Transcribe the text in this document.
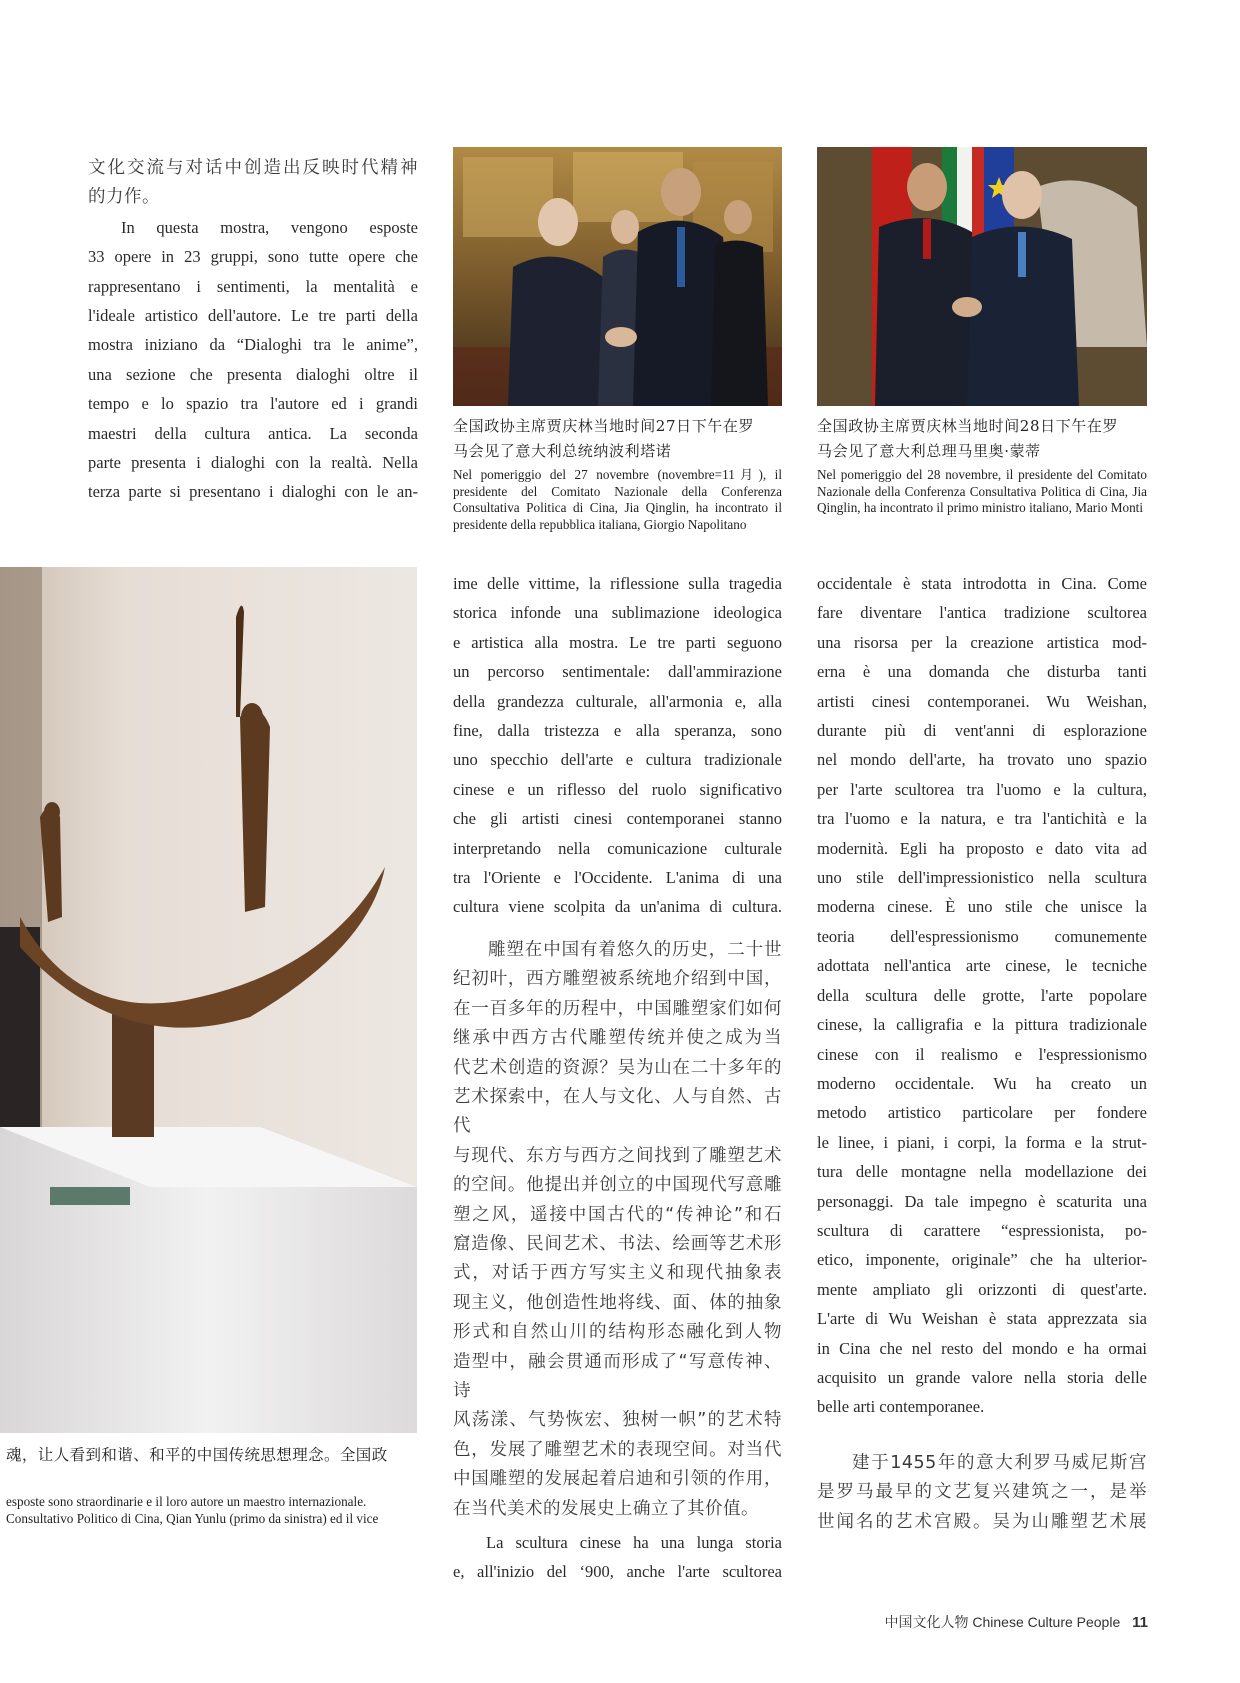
文化交流与对话中创造出反映时代精神

的力作。

In questa mostra, vengono esposte

33 opere in 23 gruppi, sono tutte opere che

rappresentano i sentimenti, la mentalità e

l'ideale artistico dell'autore. Le tre parti della

mostra iniziano da “Dialoghi tra le anime”,

una sezione che presenta dialoghi oltre il

tempo e lo spazio tra l'autore ed i grandi

maestri della cultura antica. La seconda

parte presenta i dialoghi con la realtà. Nella

terza parte si presentano i dialoghi con le an-

全国政协主席贾庆林当地时间27日下午在罗
马会见了意大利总统纳波利塔诺

Nel pomeriggio del 27 novembre (novembre=11月), il presidente del Comitato Nazionale della Conferenza Consultativa Politica di Cina, Jia Qinglin, ha incontrato il presidente della repubblica italiana, Giorgio Napolitano

全国政协主席贾庆林当地时间28日下午在罗
马会见了意大利总理马里奥·蒙蒂

Nel pomeriggio del 28 novembre, il presidente del Comitato Nazionale della Conferenza Consultativa Politica di Cina, Jia Qinglin, ha incontrato il primo ministro italiano, Mario Monti

魂，让人看到和谐、和平的中国传统思想理念。全国政

esposte sono straordinarie e il loro autore un maestro internazionale.
Consultativo Politico di Cina, Qian Yunlu (primo da sinistra) ed il vice

ime delle vittime, la riflessione sulla tragedia

storica infonde una sublimazione ideologica

e artistica alla mostra. Le tre parti seguono

un percorso sentimentale: dall'ammirazione

della grandezza culturale, all'armonia e, alla

fine, dalla tristezza e alla speranza, sono

uno specchio dell'arte e cultura tradizionale

cinese e un riflesso del ruolo significativo

che gli artisti cinesi contemporanei stanno

interpretando nella comunicazione culturale

tra l'Oriente e l'Occidente. L'anima di una

cultura viene scolpita da un'anima di cultura.

雕塑在中国有着悠久的历史，二十世

纪初叶，西方雕塑被系统地介绍到中国，

在一百多年的历程中，中国雕塑家们如何

继承中西方古代雕塑传统并使之成为当

代艺术创造的资源？吴为山在二十多年的

艺术探索中，在人与文化、人与自然、古代

与现代、东方与西方之间找到了雕塑艺术

的空间。他提出并创立的中国现代写意雕

塑之风，遥接中国古代的“传神论”和石

窟造像、民间艺术、书法、绘画等艺术形

式，对话于西方写实主义和现代抽象表

现主义，他创造性地将线、面、体的抽象

形式和自然山川的结构形态融化到人物

造型中，融会贯通而形成了“写意传神、诗

风荡漾、气势恢宏、独树一帜”的艺术特

色，发展了雕塑艺术的表现空间。对当代

中国雕塑的发展起着启迪和引领的作用，

在当代美术的发展史上确立了其价值。

La scultura cinese ha una lunga storia

e, all'inizio del ‘900, anche l'arte scultorea

occidentale è stata introdotta in Cina. Come

fare diventare l'antica tradizione scultorea

una risorsa per la creazione artistica mod-

erna è una domanda che disturba tanti

artisti cinesi contemporanei. Wu Weishan,

durante più di vent'anni di esplorazione

nel mondo dell'arte, ha trovato uno spazio

per l'arte scultorea tra l'uomo e la cultura,

tra l'uomo e la natura, e tra l'antichità e la

modernità. Egli ha proposto e dato vita ad

uno stile dell'impressionistico nella scultura

moderna cinese. È uno stile che unisce la

teoria dell'espressionismo comunemente

adottata nell'antica arte cinese, le tecniche

della scultura delle grotte, l'arte popolare

cinese, la calligrafia e la pittura tradizionale

cinese con il realismo e l'espressionismo

moderno occidentale. Wu ha creato un

metodo artistico particolare per fondere

le linee, i piani, i corpi, la forma e la strut-

tura delle montagne nella modellazione dei

personaggi. Da tale impegno è scaturita una

scultura di carattere “espressionista, po-

etico, imponente, originale” che ha ulterior-

mente ampliato gli orizzonti di quest'arte.

L'arte di Wu Weishan è stata apprezzata sia

in Cina che nel resto del mondo e ha ormai

acquisito un grande valore nella storia delle

belle arti contemporanee.

建于1455年的意大利罗马威尼斯宫

是罗马最早的文艺复兴建筑之一，是举

世闻名的艺术宫殿。吴为山雕塑艺术展

中国文化人物 Chinese Culture People 11
